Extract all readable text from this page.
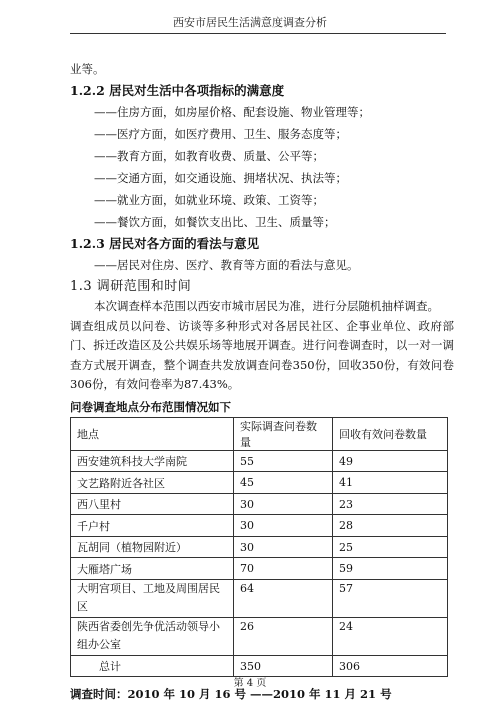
西安市居民生活满意度调查分析
业等。
1.2.2 居民对生活中各项指标的满意度
——住房方面，如房屋价格、配套设施、物业管理等；
——医疗方面，如医疗费用、卫生、服务态度等；
——教育方面，如教育收费、质量、公平等；
——交通方面，如交通设施、拥堵状况、执法等；
——就业方面，如就业环境、政策、工资等；
——餐饮方面，如餐饮支出比、卫生、质量等；
1.2.3 居民对各方面的看法与意见
——居民对住房、医疗、教育等方面的看法与意见。
1.3 调研范围和时间
本次调查样本范围以西安市城市居民为准，进行分层随机抽样调查。
调查组成员以问卷、访谈等多种形式对各居民社区、企事业单位、政府部门、拆迁改造区及公共娱乐场等地展开调查。进行问卷调查时，以一对一调查方式展开调查，整个调查共发放调查问卷350份，回收350份，有效问卷306份，有效问卷率为87.43%。
问卷调查地点分布范围情况如下
地点	实际调查问卷数量	回收有效问卷数量
西安建筑科技大学南院	55	49
文艺路附近各社区	45	41
西八里村	30	23
千户村	30	28
瓦胡同（植物园附近）	30	25
大雁塔广场	70	59
大明宫项目、工地及周围居民区	64	57
陕西省委创先争优活动领导小组办公室	26	24
总计	350	306
调查时间：2010 年 10 月 16 号 ——2010 年 11 月 21 号
第 4 页
